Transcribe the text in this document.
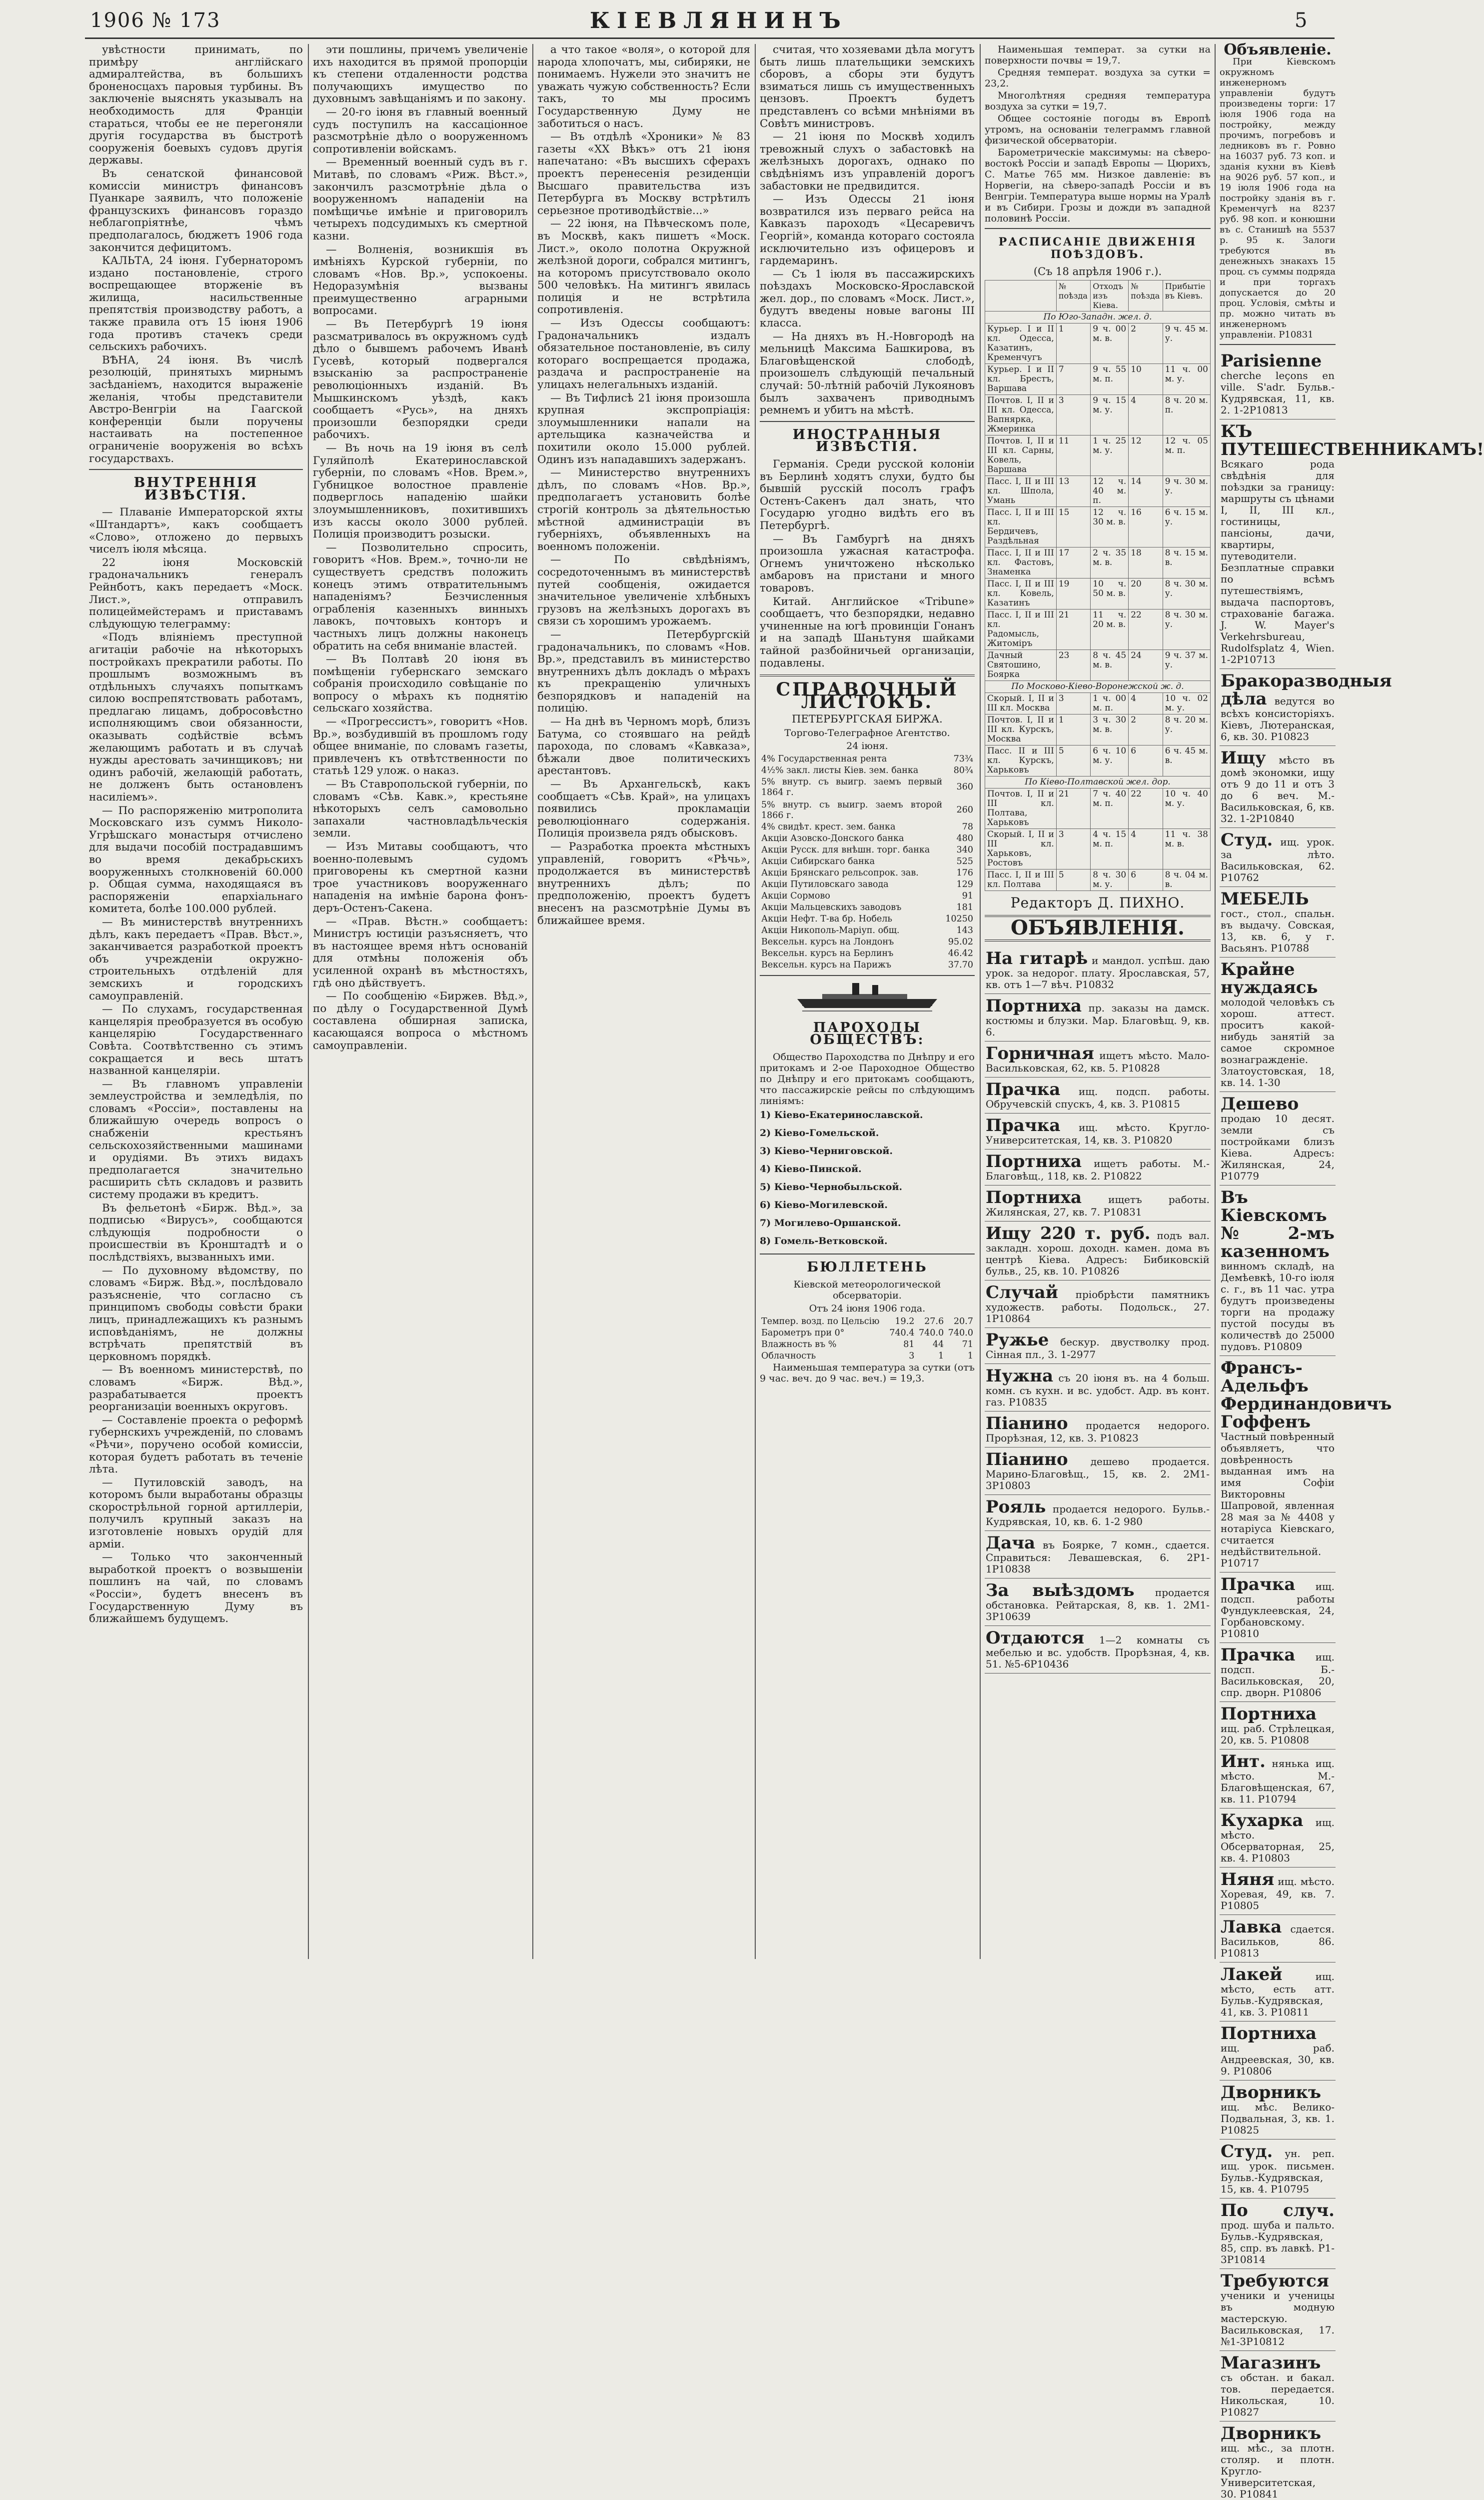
1906 № 173	КІЕВЛЯНИНЪ	5

увѣстности принимать, по примѣру англійскаго адмиралтейства, въ большихъ броненосцахъ паровыя турбины. Въ заключеніе выяснять указывалъ на необходимость для Франціи стараться, чтобы ее не перегоняли другія государства въ быстротѣ сооруженія боевыхъ судовъ другія державы.

Въ сенатской финансовой комиссіи министръ финансовъ Пуанкаре заявилъ, что положеніе французскихъ финансовъ гораздо неблагопріятнѣе, чѣмъ предполагалось, бюджетъ 1906 года закончится дефицитомъ.

КАЛЬТА, 24 іюня. Губернаторомъ издано постановленіе, строго воспрещающее вторженіе въ жилища, насильственные препятствія производству работъ, а также правила отъ 15 іюня 1906 года противъ стачекъ среди сельскихъ рабочихъ.

ВѢНА, 24 іюня. Въ числѣ резолюцій, принятыхъ мирнымъ засѣданіемъ, находится выраженіе желанія, чтобы представители Австро-Венгріи на Гаагской конференціи были поручены настаивать на постепенное ограниченіе вооруженія во всѣхъ государствахъ.

ВНУТРЕННІЯ ИЗВѢСТІЯ.

— Плаваніе Императорской яхты «Штандартъ», какъ сообщаетъ «Слово», отложено до первыхъ чиселъ іюля мѣсяца.

22 іюня Московскій градоначальникъ генералъ Рейнботъ, какъ передаетъ «Моск. Лист.», отправилъ полицеймейстерамъ и приставамъ слѣдующую телеграмму:

«Подъ вліяніемъ преступной агитаціи рабочіе на нѣкоторыхъ постройкахъ прекратили работы. По прошлымъ возможнымъ въ отдѣльныхъ случаяхъ попыткамъ силою воспрепятствовать работамъ, предлагаю лицамъ, добросовѣстно исполняющимъ свои обязанности, оказывать содѣйствіе всѣмъ желающимъ работать и въ случаѣ нужды арестовать зачинщиковъ; ни одинъ рабочій, желающій работать, не долженъ быть остановленъ насиліемъ».

— По распоряженію митрополита Московскаго изъ суммъ Николо-Угрѣшскаго монастыря отчислено для выдачи пособій пострадавшимъ во время декабрьскихъ вооруженныхъ столкновеній 60.000 р. Общая сумма, находящаяся въ распоряженіи епархіальнаго комитета, болѣе 100.000 рублей.

— Въ министерствѣ внутреннихъ дѣлъ, какъ передаетъ «Прав. Вѣст.», заканчивается разработкой проектъ объ учрежденіи окружно-строительныхъ отдѣленій для земскихъ и городскихъ самоуправленій.

— По слухамъ, государственная канцелярія преобразуется въ особую канцелярію Государственнаго Совѣта. Соотвѣтственно съ этимъ сокращается и весь штатъ названной канцеляріи.

— Въ главномъ управленіи землеустройства и земледѣлія, по словамъ «Россіи», поставлены на ближайшую очередь вопросъ о снабженіи крестьянъ сельскохозяйственными машинами и орудіями. Въ этихъ видахъ предполагается значительно расширить сѣть складовъ и развить систему продажи въ кредитъ.

Въ фельетонѣ «Бирж. Вѣд.», за подписью «Вирусъ», сообщаются слѣдующія подробности о происшествіи въ Кронштадтѣ и о послѣдствіяхъ, вызванныхъ ими.

— По духовному вѣдомству, по словамъ «Бирж. Вѣд.», послѣдовало разъясненіе, что согласно съ принципомъ свободы совѣсти браки лицъ, принадлежащихъ къ разнымъ исповѣданіямъ, не должны встрѣчать препятствій въ церковномъ порядкѣ.

— Въ военномъ министерствѣ, по словамъ «Бирж. Вѣд.», разрабатывается проектъ реорганизаціи военныхъ округовъ.

— Составленіе проекта о реформѣ губернскихъ учрежденій, по словамъ «Рѣчи», поручено особой комиссіи, которая будетъ работать въ теченіе лѣта.

— Путиловскій заводъ, на которомъ были выработаны образцы скорострѣльной горной артиллеріи, получилъ крупный заказъ на изготовленіе новыхъ орудій для арміи.

— Только что законченный выработкой проектъ о возвышеніи пошлинъ на чай, по словамъ «Россіи», будетъ внесенъ въ Государственную Думу въ ближайшемъ будущемъ.

эти пошлины, причемъ увеличеніе ихъ находится въ прямой пропорціи къ степени отдаленности родства получающихъ имущество по духовнымъ завѣщаніямъ и по закону.

— 20-го іюня въ главный военный судъ поступилъ на кассаціонное разсмотрѣніе дѣло о вооруженномъ сопротивленіи войскамъ.

— Временный военный судъ въ г. Митавѣ, по словамъ «Риж. Вѣст.», закончилъ разсмотрѣніе дѣла о вооруженномъ нападеніи на помѣщичье имѣніе и приговорилъ четырехъ подсудимыхъ къ смертной казни.

— Волненія, возникшія въ имѣніяхъ Курской губерніи, по словамъ «Нов. Вр.», успокоены. Недоразумѣнія вызваны преимущественно аграрными вопросами.

— Въ Петербургѣ 19 іюня разсматривалось въ окружномъ судѣ дѣло о бывшемъ рабочемъ Иванѣ Гусевѣ, который подвергался взысканію за распространеніе революціонныхъ изданій. Въ Мышкинскомъ уѣздѣ, какъ сообщаетъ «Русь», на дняхъ произошли безпорядки среди рабочихъ.

— Въ ночь на 19 іюня въ селѣ Гуляйполѣ Екатеринославской губерніи, по словамъ «Нов. Врем.», Губницкое волостное правленіе подверглось нападенію шайки злоумышленниковъ, похитившихъ изъ кассы около 3000 рублей. Полиція производитъ розыски.

— Позволительно спросить, говоритъ «Нов. Врем.», точно-ли не существуетъ средствъ положить конецъ этимъ отвратительнымъ нападеніямъ? Безчисленныя ограбленія казенныхъ винныхъ лавокъ, почтовыхъ конторъ и частныхъ лицъ должны наконецъ обратить на себя вниманіе властей.

— Въ Полтавѣ 20 іюня въ помѣщеніи губернскаго земскаго собранія происходило совѣщаніе по вопросу о мѣрахъ къ поднятію сельскаго хозяйства.

— «Прогрессистъ», говоритъ «Нов. Вр.», возбудившій въ прошломъ году общее вниманіе, по словамъ газеты, привлеченъ къ отвѣтственности по статьѣ 129 улож. о наказ.

— Въ Ставропольской губерніи, по словамъ «Сѣв. Кавк.», крестьяне нѣкоторыхъ селъ самовольно запахали частновладѣльческія земли.

— Изъ Митавы сообщаютъ, что военно-полевымъ судомъ приговорены къ смертной казни трое участниковъ вооруженнаго нападенія на имѣніе барона фонъ-деръ-Остенъ-Сакена.

— «Прав. Вѣстн.» сообщаетъ: Министръ юстиціи разъясняетъ, что въ настоящее время нѣтъ основаній для отмѣны положенія объ усиленной охранѣ въ мѣстностяхъ, гдѣ оно дѣйствуетъ.

— По сообщенію «Биржев. Вѣд.», по дѣлу о Государственной Думѣ составлена обширная записка, касающаяся вопроса о мѣстномъ самоуправленіи.

а что такое «воля», о которой для народа хлопочатъ, мы, сибиряки, не понимаемъ. Нужели это значитъ не уважать чужую собственность? Если такъ, то мы просимъ Государственную Думу не заботиться о насъ.

— Въ отдѣлѣ «Хроники» № 83 газеты «XX Вѣкъ» отъ 21 іюня напечатано: «Въ высшихъ сферахъ проектъ перенесенія резиденціи Высшаго правительства изъ Петербурга въ Москву встрѣтилъ серьезное противодѣйствіе...»

— 22 іюня, на Пѣвческомъ поле, въ Москвѣ, какъ пишетъ «Моск. Лист.», около полотна Окружной желѣзной дороги, собрался митингъ, на которомъ присутствовало около 500 человѣкъ. На митингъ явилась полиція и не встрѣтила сопротивленія.

— Изъ Одессы сообщаютъ: Градоначальникъ издалъ обязательное постановленіе, въ силу котораго воспрещается продажа, раздача и распространеніе на улицахъ нелегальныхъ изданій.

— Въ Тифлисѣ 21 іюня произошла крупная экспропріація: злоумышленники напали на артельщика казначейства и похитили около 15.000 рублей. Одинъ изъ нападавшихъ задержанъ.

— Министерство внутреннихъ дѣлъ, по словамъ «Нов. Вр.», предполагаетъ установить болѣе строгій контроль за дѣятельностью мѣстной администраціи въ губерніяхъ, объявленныхъ на военномъ положеніи.

— По свѣдѣніямъ, сосредоточеннымъ въ министерствѣ путей сообщенія, ожидается значительное увеличеніе хлѣбныхъ грузовъ на желѣзныхъ дорогахъ въ связи съ хорошимъ урожаемъ.

— Петербургскій градоначальникъ, по словамъ «Нов. Вр.», представилъ въ министерство внутреннихъ дѣлъ докладъ о мѣрахъ къ прекращенію уличныхъ безпорядковъ и нападеній на полицію.

— На днѣ въ Черномъ морѣ, близъ Батума, со стоявшаго на рейдѣ парохода, по словамъ «Кавказа», бѣжали двое политическихъ арестантовъ.

— Въ Архангельскѣ, какъ сообщаетъ «Сѣв. Край», на улицахъ появились прокламаціи революціоннаго содержанія. Полиція произвела рядъ обысковъ.

— Разработка проекта мѣстныхъ управленій, говоритъ «Рѣчь», продолжается въ министерствѣ внутреннихъ дѣлъ; по предположенію, проектъ будетъ внесенъ на разсмотрѣніе Думы въ ближайшее время.

считая, что хозяевами дѣла могутъ быть лишь плательщики земскихъ сборовъ, а сборы эти будутъ взиматься лишь съ имущественныхъ цензовъ. Проектъ будетъ представленъ со всѣми мнѣніями въ Совѣтъ министровъ.

— 21 іюня по Москвѣ ходилъ тревожный слухъ о забастовкѣ на желѣзныхъ дорогахъ, однако по свѣдѣніямъ изъ управленій дорогъ забастовки не предвидится.

— Изъ Одессы 21 іюня возвратился изъ перваго рейса на Кавказъ пароходъ «Цесаревичъ Георгій», команда котораго состояла исключительно изъ офицеровъ и гардемаринъ.

— Съ 1 іюля въ пассажирскихъ поѣздахъ Московско-Ярославской жел. дор., по словамъ «Моск. Лист.», будутъ введены новые вагоны III класса.

— На дняхъ въ Н.-Новгородѣ на мельницѣ Максима Башкирова, въ Благовѣщенской слободѣ, произошелъ слѣдующій печальный случай: 50-лѣтній рабочій Лукояновъ былъ захваченъ приводнымъ ремнемъ и убитъ на мѣстѣ.

ИНОСТРАННЫЯ ИЗВѢСТІЯ.

Германія. Среди русской колоніи въ Берлинѣ ходятъ слухи, будто бы бывшій русскій посолъ графъ Остенъ-Сакенъ дал знать, что Государю угодно видѣть его въ Петербургѣ.

— Въ Гамбургѣ на дняхъ произошла ужасная катастрофа. Огнемъ уничтожено нѣсколько амбаровъ на пристани и много товаровъ.

Китай. Английское «Tribune» сообщаетъ, что безпорядки, недавно учиненные на югѣ провинціи Гонанъ и на западѣ Шаньтуня шайками тайной разбойничьей организаціи, подавлены.

СПРАВОЧНЫЙ ЛИСТОКЪ.
ПЕТЕРБУРГСКАЯ БИРЖА.
Торгово-Телеграфное Агентство.
24 іюня.
4% Государственная рента	73¾
4½% закл. листы Кіев. зем. банка	80¾
5% внутр. съ выигр. заемъ первый 1864 г.	360

5% внутр. съ выигр. заемъ второй 1866 г.	260
4% свидѣт. крест. зем. банка	78
Акціи Азовско-Донского банка	480
Акціи Русск. для внѣшн. торг. банка	340
Акціи Сибирскаго банка	525
Акціи Брянскаго рельсопрок. зав.	176
Акціи Путиловскаго завода	129
Акціи Сормово	91
Акціи Мальцевскихъ заводовъ	181
Акціи Нефт. Т-ва бр. Нобель	10250
Акціи Никополь-Маріуп. общ.	143
Вексельн. курсъ на Лондонъ	95.02
Вексельн. курсъ на Берлинъ	46.42
Вексельн. курсъ на Парижъ	37.70
ПАРОХОДЫ ОБЩЕСТВЪ:

Общество Пароходства по Днѣпру и его притокамъ и 2-ое Пароходное Общество по Днѣпру и его притокамъ сообщаютъ, что пассажирскіе рейсы по слѣдующимъ линіямъ:

1) Кіево-Екатеринославской.
2) Кіево-Гомельской.
3) Кіево-Черниговской.
4) Кіево-Пинской.
5) Кіево-Чернобыльской.
6) Кіево-Могилевской.
7) Могилево-Оршанской.
8) Гомель-Ветковской.
БЮЛЛЕТЕНЬ
Кіевской метеорологической обсерваторіи.
Отъ 24 іюня 1906 года.
Темпер. возд. по Цельсію	19.2	27.6	20.7
Барометръ при 0°	740.4	740.0	740.0
Влажность въ %	81	44	71
Облачность	3	1	1

Наименьшая температура за сутки (отъ 9 час. веч. до 9 час. веч.) = 19,3.

Наименьшая температ. за сутки на поверхности почвы = 19,7.

Средняя температ. воздуха за сутки = 23,2.

Многолѣтняя средняя температура воздуха за сутки = 19,7.

Общее состояніе погоды въ Европѣ утромъ, на основаніи телеграммъ главной физической обсерваторіи.

Барометрическіе максимумы: на сѣверо-востокѣ Россіи и западѣ Европы — Цюрихъ, С. Матье 765 мм. Низкое давленіе: въ Норвегіи, на сѣверо-западѣ Россіи и въ Венгріи. Температура выше нормы на Уралѣ и въ Сибири. Грозы и дожди въ западной половинѣ Россіи.

РАСПИСАНІЕ ДВИЖЕНІЯ ПОѢЗДОВЪ.
(Съ 18 апрѣля 1906 г.).
	№ поѣзда	Отходъ изъ Кіева.	№ поѣзда	Прибытіе въ Кіевъ.
По Юго-Западн. жел. д.				
Курьер. I и II кл. Одесса, Казатинъ, Кременчугъ	1	9 ч. 00 м. в.	2	9 ч. 45 м. у.
Курьер. I и II кл. Брестъ, Варшава	7	9 ч. 55 м. п.	10	11 ч. 00 м. у.
Почтов. I, II и III кл. Одесса, Вапнярка, Жмеринка	3	9 ч. 15 м. у.	4	8 ч. 20 м. п.
Почтов. I, II и III кл. Сарны, Ковель, Варшава	11	1 ч. 25 м. у.	12	12 ч. 05 м. п.
Пасс. I, II и III кл. Шпола, Умань	13	12 ч. 40 м. п.	14	9 ч. 30 м. у.
Пасс. I, II и III кл. Бердичевъ, Раздѣльная	15	12 ч. 30 м. в.	16	6 ч. 15 м. у.
Пасс. I, II и III кл. Фастовъ, Знаменка	17	2 ч. 35 м. в.	18	8 ч. 15 м. в.
Пасс. I, II и III кл. Ковель, Казатинъ	19	10 ч. 50 м. в.	20	8 ч. 30 м. у.
Пасс. I, II и III кл. Радомысль, Житоміръ	21	11 ч. 20 м. в.	22	8 ч. 30 м. у.
Дачный Святошино, Боярка	23	8 ч. 45 м. в.	24	9 ч. 37 м. у.
По Москово-Кіево-Воронежской ж. д.				
Скорый. I, II и III кл. Москва	3	1 ч. 00 м. п.	4	10 ч. 02 м. у.
Почтов. I, II и III кл. Курскъ, Москва	1	3 ч. 30 м. в.	2	8 ч. 20 м. у.
Пасс. II и III кл. Курскъ, Харьковъ	5	6 ч. 10 м. у.	6	6 ч. 45 м. в.
По Кіево-Полтавской жел. дор.				
Почтов. I, II и III кл. Полтава, Харьковъ	21	7 ч. 40 м. п.	22	10 ч. 40 м. у.
Скорый. I, II и III кл. Харьковъ, Ростовъ	3	4 ч. 15 м. п.	4	11 ч. 38 м. в.
Пасс. I, II и III кл. Полтава	5	8 ч. 30 м. у.	6	8 ч. 04 м. в.
Редакторъ Д. ПИХНО.
ОБЪЯВЛЕНІЯ.
На гитарѣ и мандол. успѣш. даю урок. за недорог. плату. Ярославская, 57, кв. отъ 1—7 вѣч. Р10832
Портниха пр. заказы на дамск. костюмы и блузки. Мар. Благовѣщ. 9, кв. 6.
Горничная ищетъ мѣсто. Мало-Васильковская, 62, кв. 5. Р10828
Прачка ищ. подсп. работы. Обручевскій спускъ, 4, кв. 3. Р10815
Прачка ищ. мѣсто. Кругло-Университетская, 14, кв. 3. Р10820
Портниха ищетъ работы. М.-Благовѣщ., 118, кв. 2. Р10822
Портниха	ищетъ работы. Жилянская, 27, кв. 7. Р10831
Ищу 220 т. руб. подъ вал. закладн. хорош. доходн. камен. дома въ центрѣ Кіева. Адресъ: Бибиковскій бульв., 25, кв. 10. Р10826
Случай пріобрѣсти памятникъ художеств. работы. Подольск., 27. 1Р10864
Ружье бескур. двустволку прод. Сінная пл., 3. 1-2977
Нужна съ 20 іюня въ. на 4 больш. комн. съ кухн. и вс. удобст. Адр. въ конт. газ. Р10835
Піанино продается недорого. Прорѣзная, 12, кв. 3. Р10823
Піанино дешево продается. Марино-Благовѣщ., 15, кв. 2. 2М1-3Р10803
Рояль продается недорого. Бульв.-Кудрявская, 10, кв. 6. 1-2 980
Дача въ Боярке, 7 комн., сдается. Справиться: Левашевская, 6. 2Р1-1Р10838
За выѣздомъ продается обстановка. Рейтарская, 8, кв. 1. 2М1-3Р10639
Отдаются 1—2 комнаты съ мебелью и вс. удобств. Прорѣзная, 4, кв. 51. №5-6Р10436
Объявленіе.

При Кіевскомъ окружномъ инженерномъ управленіи будутъ произведены торги: 17 іюля 1906 года на постройку, между прочимъ, погребовъ и ледниковъ въ г. Ровно на 16037 руб. 73 коп. и зданія кухни въ Кіевѣ на 9026 руб. 57 коп., и 19 іюля 1906 года на постройку зданія въ г. Кременчугѣ на 8237 руб. 98 коп. и конюшни въ с. Станишѣ на 5537 р. 95 к. Залоги требуются въ денежныхъ знакахъ 15 проц. съ суммы подряда и при торгахъ допускается до 20 проц. Условія, смѣты и пр. можно читать въ инженерномъ управленіи. Р10831

Parisienne cherche leçons en ville. S'adr. Бульв.-Кудрявская, 11, кв. 2. 1-2Р10813
КЪ ПУТЕШЕСТВЕННИКАМЪ! Всякаго рода свѣдѣнія для поѣздки за границу: маршруты съ цѣнами I, II, III кл., гостиницы, пансіоны, дачи, квартиры, путеводители. Безплатные справки по всѣмъ путешествіямъ, выдача паспортовъ, страхованіе багажа. J. W. Mayer's Verkehrsbureau, Rudolfsplatz 4, Wien. 1-2Р10713
Бракоразводныя дѣла ведутся во всѣхъ консисторіяхъ. Кіевъ, Лютеранская, 6, кв. 30. Р10823
Ищу мѣсто въ домѣ экономки, ищу отъ 9 до 11 и отъ 3 до 6 веч. М.-Васильковская, 6, кв. 32. 1-2Р10840
Студ. ищ. урок. за лѣто. Васильковская, 62. Р10762
МЕБЕЛЬ гост., стол., спальн. въ выдачу. Совская, 13, кв. 6, у г. Васьянъ. Р10788
Крайне нуждаясь молодой человѣкъ съ хорош. аттест. проситъ какой-нибудь занятій за самое скромное вознагражденіе. Златоустовская, 18, кв. 14. 1-30
Дешево продаю 10 десят. земли съ постройками близъ Кіева. Адресъ: Жилянская, 24, Р10779
Въ Кіевскомъ № 2-мъ казенномъ винномъ складѣ, на Демѣевкѣ, 10-го іюля с. г., въ 11 час. утра будутъ произведены торги на продажу пустой посуды въ количествѣ до 25000 пудовъ. Р10809
Франсъ-Адельфъ Фердинандовичъ Гоффенъ Частный повѣренный объявляетъ, что довѣренность выданная имъ на имя Софіи Викторовны Шапровой, явленная 28 мая за № 4408 у нотаріуса Кіевскаго, считается недѣйствительной. Р10717
Прачка ищ. подсп. работы Фундуклеевская, 24, Горбановскому. Р10810
Прачка ищ. подсп. Б.-Васильковская, 20, спр. дворн. Р10806
Портниха ищ. раб. Стрѣлецкая, 20, кв. 5. Р10808
Инт. нянька ищ. мѣсто. М.-Благовѣщенская, 67, кв. 11. Р10794
Кухарка ищ. мѣсто. Обсерваторная, 25, кв. 4. Р10803
Няня ищ. мѣсто. Хоревая, 49, кв. 7. Р10805
Лавка сдается. Васильков, 86. Р10813
Лакей	ищ. мѣсто, есть атт. Бульв.-Кудрявская, 41, кв. 3. Р10811
Портниха ищ. раб. Андреевская, 30, кв. 9. Р10806
Дворникъ ищ. мѣс. Велико-Подвальная, 3, кв. 1. Р10825
Студ. ун. реп. ищ. урок. письмен. Бульв.-Кудрявская, 15, кв. 4. Р10795
По случ. прод. шуба и пальто. Бульв.-Кудрявская, 85, спр. въ лавкѣ. Р1-3Р10814
Требуются ученики и ученицы въ модную мастерскую. Васильковская, 17. №1-3Р10812
Магазинъ съ обстан. и бакал. тов. передается. Никольская, 10. Р10827
Дворникъ ищ. мѣс., за плотн. столяр. и плотн. Кругло-Университетская, 30. Р10841
